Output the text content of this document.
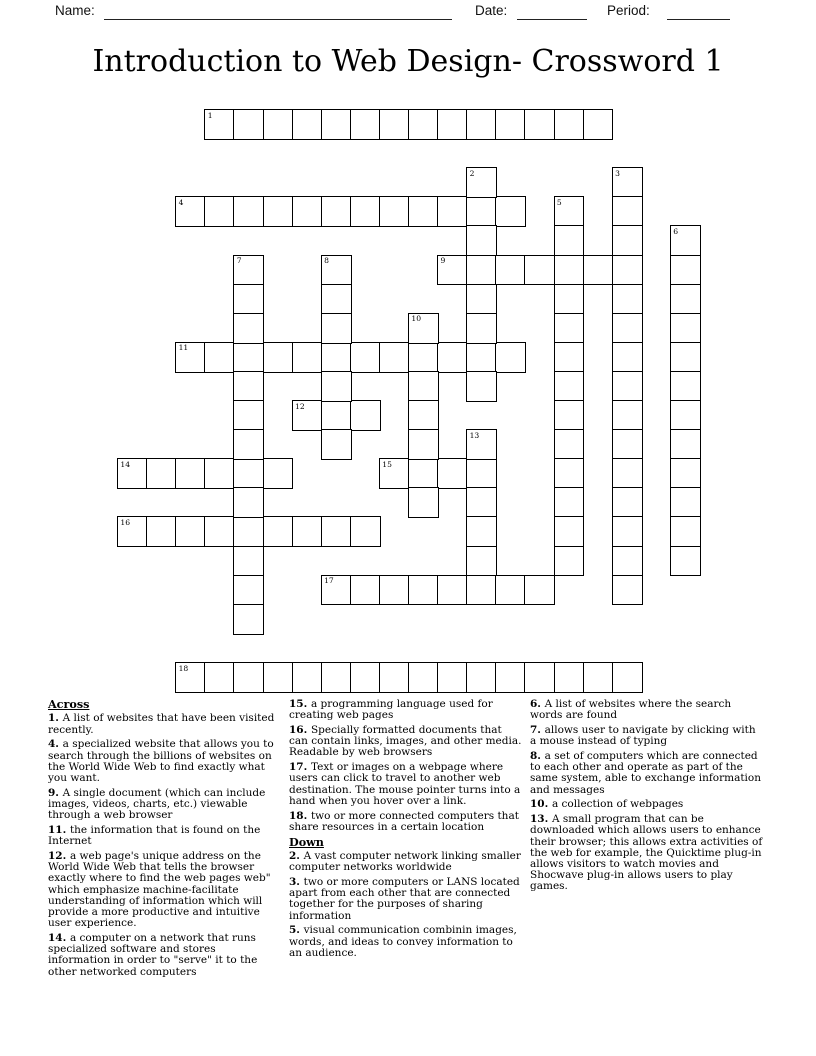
Name:	Date:	Period:
Introduction to Web Design- Crossword 1
1
4
9
11
12
14	15
16
17
18
2	3
5
6
7	8
10
13
Across

1. A list of websites that have been visited recently.

4. a specialized website that allows you to search through the billions of websites on the World Wide Web to find exactly what you want.

9. A single document (which can include images, videos, charts, etc.) viewable through a web browser

11. the information that is found on the Internet

12. a web page's unique address on the World Wide Web that tells the browser exactly where to find the web pages web" which emphasize machine-facilitate understanding of information which will provide a more productive and intuitive user experience.

14. a computer on a network that runs specialized software and stores information in order to "serve" it to the other networked computers

15. a programming language used for creating web pages

16. Specially formatted documents that can contain links, images, and other media. Readable by web browsers

17. Text or images on a webpage where users can click to travel to another web destination. The mouse pointer turns into a hand when you hover over a link.

18. two or more connected computers that share resources in a certain location

Down

2. A vast computer network linking smaller computer networks worldwide

3. two or more computers or LANS located apart from each other that are connected together for the purposes of sharing information

5. visual communication combinin images, words, and ideas to convey information to an audience.

6. A list of websites where the search words are found

7. allows user to navigate by clicking with a mouse instead of typing

8. a set of computers which are connected to each other and operate as part of the same system, able to exchange information and messages

10. a collection of webpages

13. A small program that can be downloaded which allows users to enhance their browser; this allows extra activities of the web for example, the Quicktime plug-in allows visitors to watch movies and Shocwave plug-in allows users to play games.
